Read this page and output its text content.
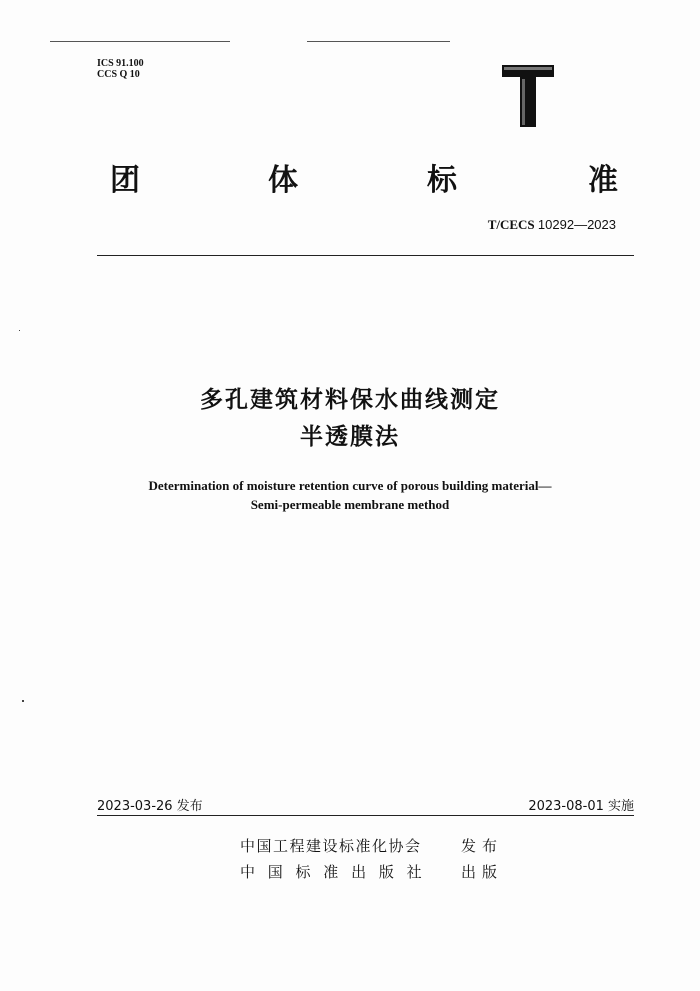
ICS 91.100
CCS Q 10
团	体	标	准
T/CECS 10292—2023
多孔建筑材料保水曲线测定
半透膜法
Determination of moisture retention curve of porous building material—
Semi-permeable membrane method
2023-03-26 发布	2023-08-01 实施
中国工程建设标准化协会	发布
中 国 标 准 出 版 社 出版
